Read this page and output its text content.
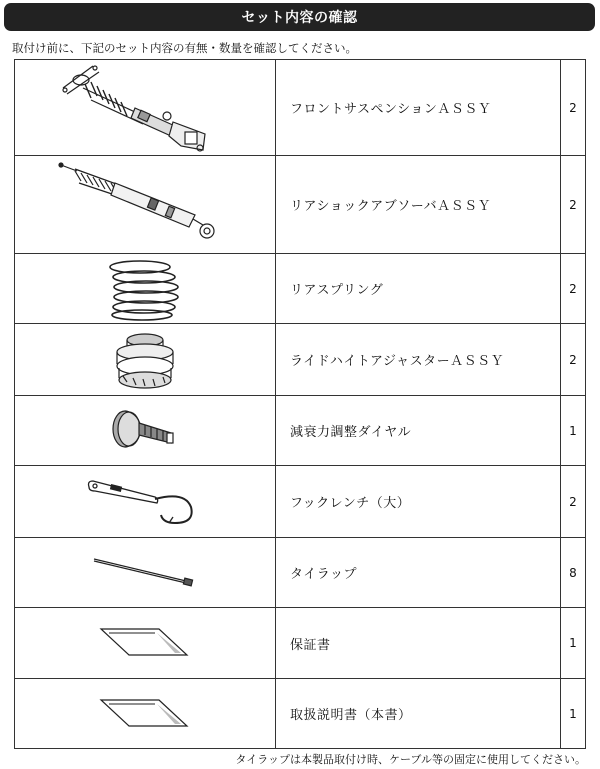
セット内容の確認
取付け前に、下記のセット内容の有無・数量を確認してください。
	フロントサスペンションＡＳＳＹ	2

	リアショックアブソーバＡＳＳＹ	2

	リアスプリング	2

	ライドハイトアジャスターＡＳＳＹ	2

	減衰力調整ダイヤル	1

	フックレンチ（大）	2

	タイラップ	8

	保証書	1

	取扱説明書（本書）	1
タイラップは本製品取付け時、ケーブル等の固定に使用してください。
